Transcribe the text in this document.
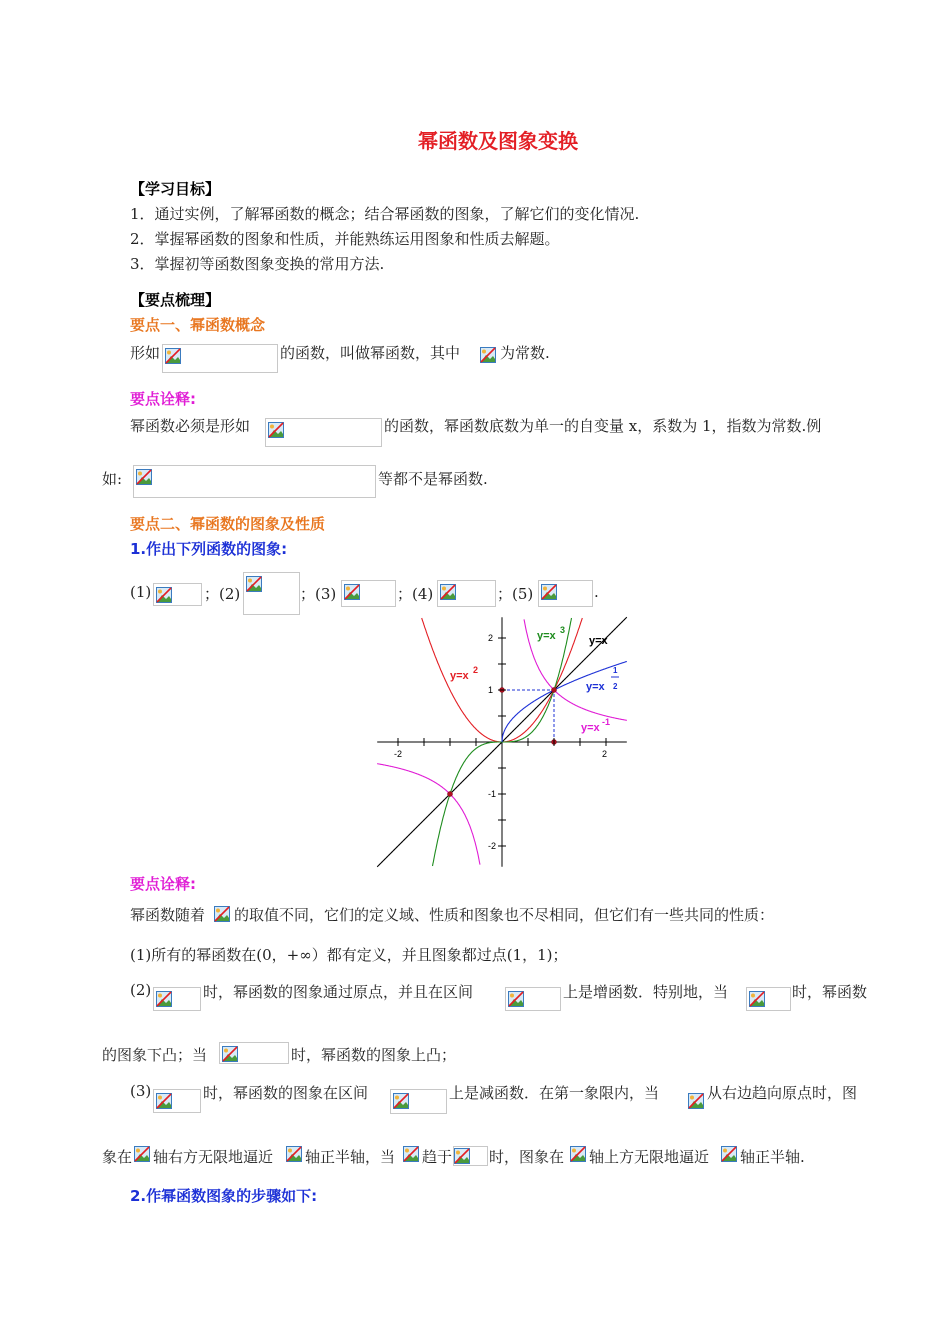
幂函数及图象变换
【学习目标】
1．通过实例，了解幂函数的概念；结合幂函数的图象，了解它们的变化情况.
2．掌握幂函数的图象和性质，并能熟练运用图象和性质去解题。
3．掌握初等函数图象变换的常用方法.
【要点梳理】
要点一、幂函数概念
形如	的函数，叫做幂函数，其中	为常数.
要点诠释:
幂函数必须是形如	的函数，幂函数底数为单一的自变量 x，系数为 1，指数为常数.例
如:	等都不是幂函数.
要点二、幂函数的图象及性质
1.作出下列函数的图象:
(1)	；(2)	；(3)	；(4)	；(5)	.
-2	2
2
1
-1
-2
y=x
y=x 3
y=x 2
y=x
1
2
y=x -1
要点诠释:
幂函数随着 的取值不同，它们的定义域、性质和图象也不尽相同，但它们有一些共同的性质：
(1)所有的幂函数在(0，+∞）都有定义，并且图象都过点(1，1)；
(2)	时，幂函数的图象通过原点，并且在区间	上是增函数．特别地，当	时，幂函数
的图象下凸；当	时，幂函数的图象上凸；
(3)	时，幂函数的图象在区间	上是减函数．在第一象限内，当	从右边趋向原点时，图
象在 轴右方无限地逼近 轴正半轴，当 趋于 时，图象在 轴上方无限地逼近 轴正半轴.
2.作幂函数图象的步骤如下:
